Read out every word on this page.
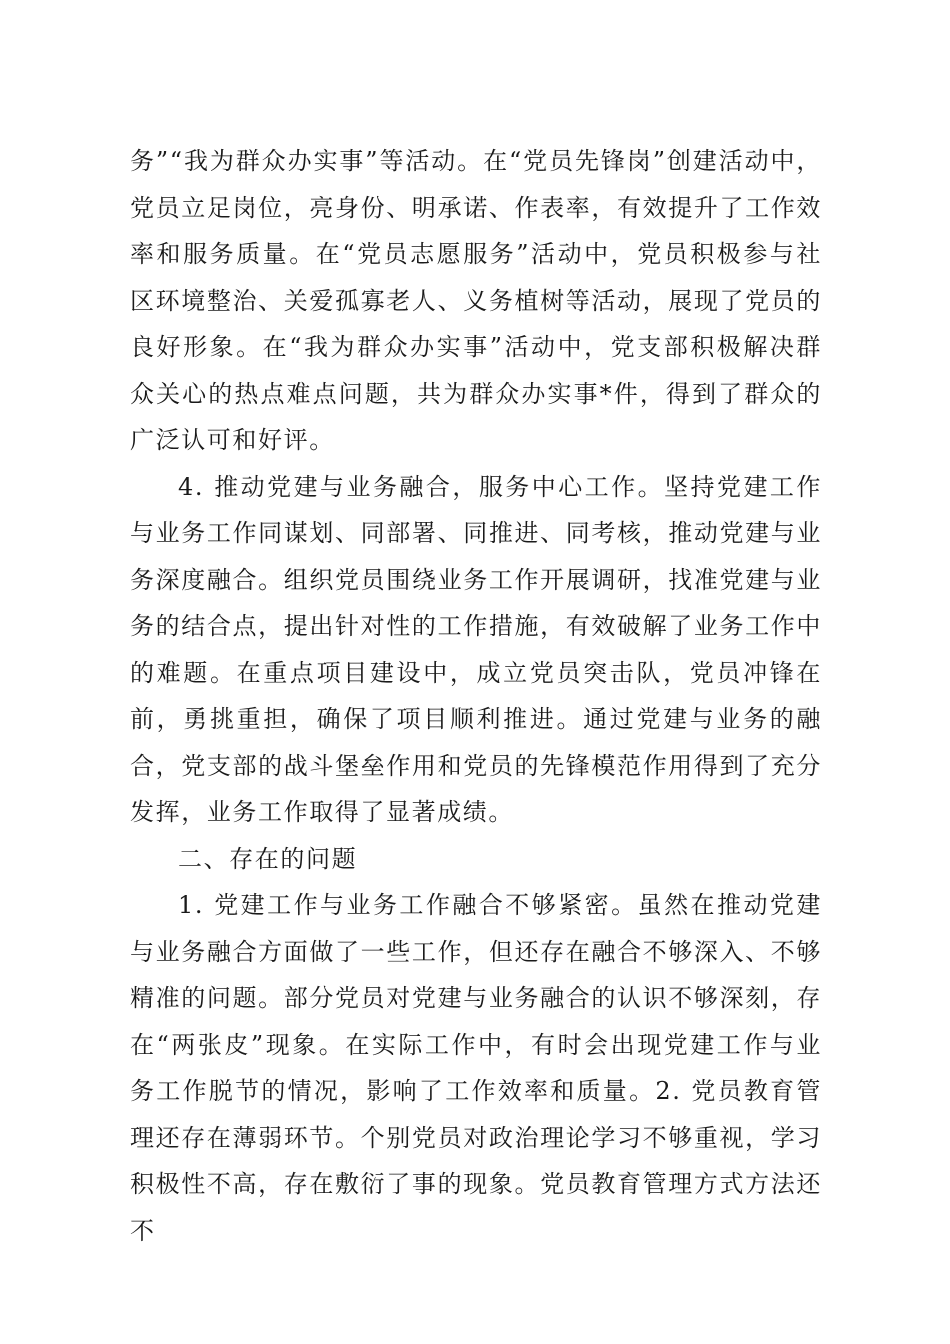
务”“我为群众办实事”等活动。在“党员先锋岗”创建活动中，党员立足岗位，亮身份、明承诺、作表率，有效提升了工作效率和服务质量。在“党员志愿服务”活动中，党员积极参与社区环境整治、关爱孤寡老人、义务植树等活动，展现了党员的良好形象。在“我为群众办实事”活动中，党支部积极解决群众关心的热点难点问题，共为群众办实事*件，得到了群众的广泛认可和好评。

4. 推动党建与业务融合，服务中心工作。坚持党建工作与业务工作同谋划、同部署、同推进、同考核，推动党建与业务深度融合。组织党员围绕业务工作开展调研，找准党建与业务的结合点，提出针对性的工作措施，有效破解了业务工作中的难题。在重点项目建设中，成立党员突击队，党员冲锋在前，勇挑重担，确保了项目顺利推进。通过党建与业务的融合，党支部的战斗堡垒作用和党员的先锋模范作用得到了充分发挥，业务工作取得了显著成绩。

二、存在的问题

1. 党建工作与业务工作融合不够紧密。虽然在推动党建与业务融合方面做了一些工作，但还存在融合不够深入、不够精准的问题。部分党员对党建与业务融合的认识不够深刻，存在“两张皮”现象。在实际工作中，有时会出现党建工作与业务工作脱节的情况，影响了工作效率和质量。2. 党员教育管理还存在薄弱环节。个别党员对政治理论学习不够重视，学习积极性不高，存在敷衍了事的现象。党员教育管理方式方法还不
